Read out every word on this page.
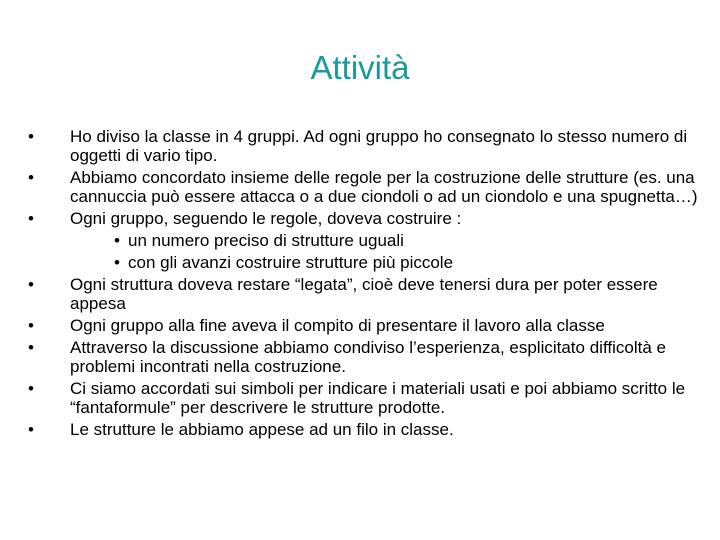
Attività
• Ho diviso la classe in 4 gruppi. Ad ogni gruppo ho consegnato lo stesso numero di oggetti di vario tipo.
• Abbiamo concordato insieme delle regole per la costruzione delle strutture (es. una cannuccia può essere attacca o a due ciondoli o ad un ciondolo e una spugnetta…)
• Ogni gruppo, seguendo le regole, doveva costruire :
• un numero preciso di strutture uguali
• con gli avanzi costruire strutture più piccole
• Ogni struttura doveva restare “legata”, cioè deve tenersi dura per poter essere appesa
• Ogni gruppo alla fine aveva il compito di presentare il lavoro alla classe
• Attraverso la discussione abbiamo condiviso l’esperienza, esplicitato difficoltà e problemi incontrati nella costruzione.
• Ci siamo accordati sui simboli per indicare i materiali usati e poi abbiamo scritto le “fantaformule” per descrivere le strutture prodotte.
• Le strutture le abbiamo appese ad un filo in classe.
